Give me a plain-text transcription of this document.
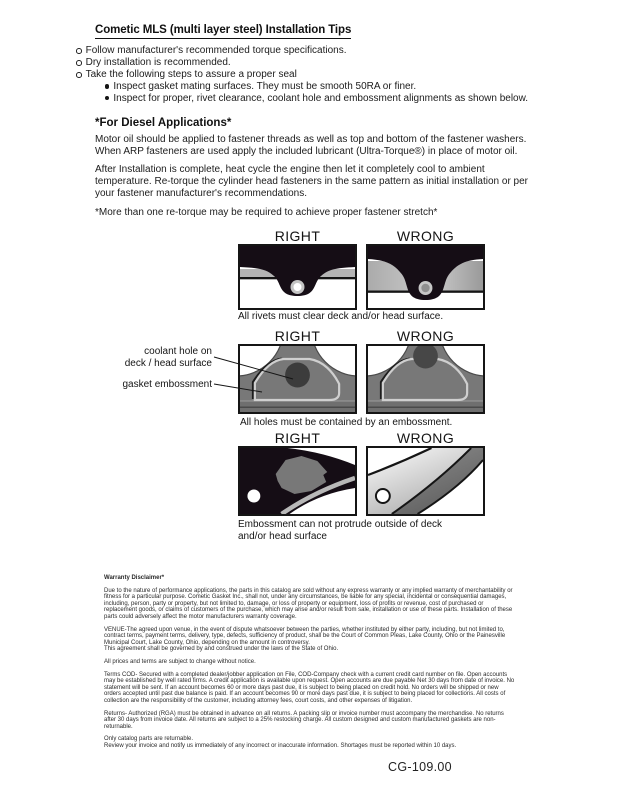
Cometic MLS (multi layer steel) Installation Tips
Follow manufacturer's recommended torque specifications.
Dry installation is recommended.
Take the following steps to assure a proper seal
Inspect gasket mating surfaces. They must be smooth 50RA or finer.
Inspect for proper, rivet clearance, coolant hole and embossment alignments as shown below.
*For Diesel Applications*
Motor oil should be applied to fastener threads as well as top and bottom of the fastener washers. When ARP fasteners are used apply the included lubricant (Ultra-Torque®) in place of motor oil.
After Installation is complete, heat cycle the engine then let it completely cool to ambient temperature. Re-torque the cylinder head fasteners in the same pattern as initial installation or per your fastener manufacturer's recommendations.
*More than one re-torque may be required to achieve proper fastener stretch*
RIGHT	WRONG
All rivets must clear deck and/or head surface.
RIGHT	WRONG
coolant hole on
deck / head surface
gasket embossment
All holes must be contained by an embossment.
RIGHT	WRONG
Embossment can not protrude outside of deck
and/or head surface
Warranty Disclaimer*

Due to the nature of performance applications, the parts in this catalog are sold without any express warranty or any implied warranty of merchantability or fitness for a particular purpose. Cometic Gasket Inc., shall not, under any circumstances, be liable for any special, incidental or consequential damages, including, person, party or property, but not limited to, damage, or loss of property or equipment, loss of profits or revenue, cost of purchased or replacement goods, or claims of customers of the purchase, which may arise and/or result from sale, installation or use of these parts. Installation of these parts could adversely affect the motor manufacturers warranty coverage.

VENUE-The agreed upon venue, in the event of dispute whatsoever between the parties, whether instituted by either party, including, but not limited to, contract terms, payment terms, delivery, type, defects, sufficiency of product, shall be the Court of Common Pleas, Lake County, Ohio or the Painesville Municipal Court, Lake County, Ohio, depending on the amount in controversy.

This agreement shall be governed by and construed under the laws of the State of Ohio.

All prices and terms are subject to change without notice.

Terms COD- Secured with a completed dealer/jobber application on File, COD-Company check with a current credit card number on file. Open accounts may be established by well rated firms. A credit application is available upon request. Open accounts are due payable Net 30 days from date of invoice. No statement will be sent. If an account becomes 60 or more days past due, it is subject to being placed on credit hold. No orders will be shipped or new orders accepted until past due balance is paid. If an account becomes 90 or more days past due, it is subject to being placed for collections. All costs of collection are the responsibility of the customer, including attorney fees, court costs, and other expenses of litigation.

Returns- Authorized (RGA) must be obtained in advance on all returns. A packing slip or invoice number must accompany the merchandise. No returns after 30 days from invoice date. All returns are subject to a 25% restocking charge. All custom designed and custom manufactured gaskets are non-returnable.

Only catalog parts are returnable.

Review your invoice and notify us immediately of any incorrect or inaccurate information. Shortages must be reported within 10 days.

CG-109.00
